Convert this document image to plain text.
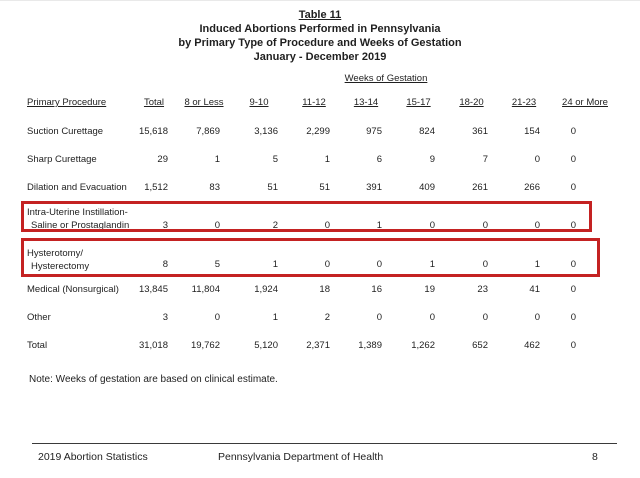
Table 11
Induced Abortions Performed in Pennsylvania
by Primary Type of Procedure and Weeks of Gestation
January - December 2019
Weeks of Gestation
Primary Procedure	Total	8 or Less	9-10	11-12	13-14	15-17	18-20	21-23	24 or More
Suction Curettage	15,618	7,869	3,136	2,299	975	824	361	154	0
Sharp Curettage	29	1	5	1	6	9	7	0	0
Dilation and Evacuation	1,512	83	51	51	391	409	261	266	0
Intra-Uterine Instillation-
Saline or Prostaglandin	3	0	2	0	1	0	0	0	0
Hysterotomy/
Hysterectomy	8	5	1	0	0	1	0	1	0
Medical (Nonsurgical)	13,845	11,804	1,924	18	16	19	23	41	0
Other	3	0	1	2	0	0	0	0	0
Total	31,018	19,762	5,120	2,371	1,389	1,262	652	462	0
Note: Weeks of gestation are based on clinical estimate.
2019 Abortion Statistics	Pennsylvania Department of Health	8
